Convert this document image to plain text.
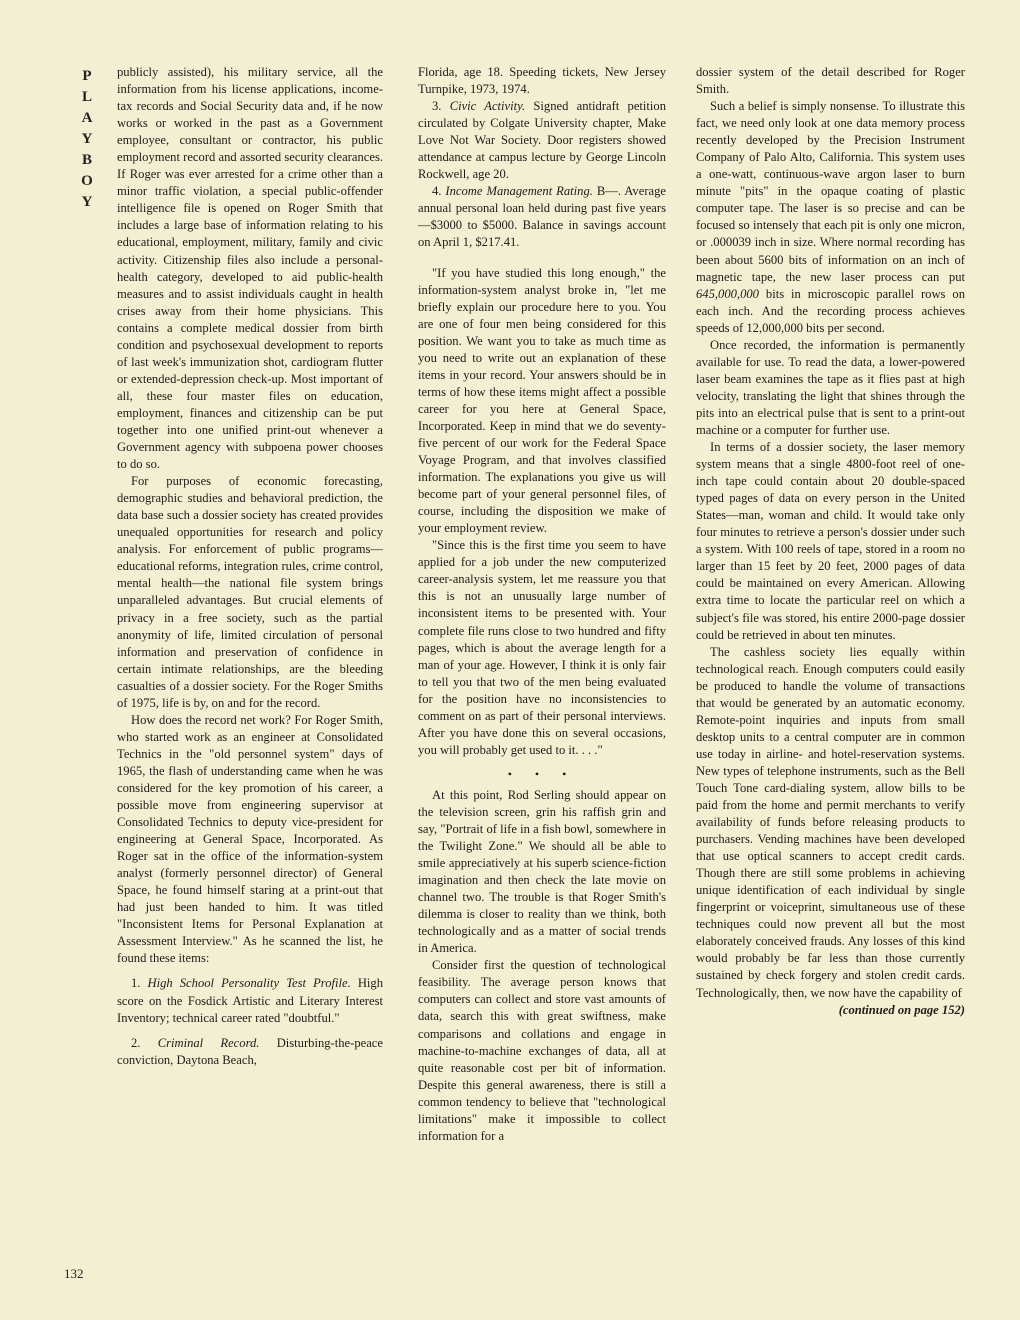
P
L
A
Y
B
O
Y
132

publicly assisted), his military service, all the information from his license applications, income-tax records and Social Security data and, if he now works or worked in the past as a Government employee, consultant or contractor, his public employment record and assorted security clearances. If Roger was ever arrested for a crime other than a minor traffic violation, a special public-offender intelligence file is opened on Roger Smith that includes a large base of information relating to his educational, employment, military, family and civic activity. Citizenship files also include a personal-health category, developed to aid public-health measures and to assist individuals caught in health crises away from their home physicians. This contains a complete medical dossier from birth condition and psychosexual development to reports of last week's immunization shot, cardiogram flutter or extended-depression check-up. Most important of all, these four master files on education, employment, finances and citizenship can be put together into one unified print-out whenever a Government agency with subpoena power chooses to do so.

For purposes of economic forecasting, demographic studies and behavioral prediction, the data base such a dossier society has created provides unequaled opportunities for research and policy analysis. For enforcement of public programs—educational reforms, integration rules, crime control, mental health—the national file system brings unparalleled advantages. But crucial elements of privacy in a free society, such as the partial anonymity of life, limited circulation of personal information and preservation of confidence in certain intimate relationships, are the bleeding casualties of a dossier society. For the Roger Smiths of 1975, life is by, on and for the record.

How does the record net work? For Roger Smith, who started work as an engineer at Consolidated Technics in the "old personnel system" days of 1965, the flash of understanding came when he was considered for the key promotion of his career, a possible move from engineering supervisor at Consolidated Technics to deputy vice-president for engineering at General Space, Incorporated. As Roger sat in the office of the information-system analyst (formerly personnel director) of General Space, he found himself staring at a print-out that had just been handed to him. It was titled "Inconsistent Items for Personal Explanation at Assessment Interview." As he scanned the list, he found these items:

1. High School Personality Test Profile. High score on the Fosdick Artistic and Literary Interest Inventory; technical career rated "doubtful."

2. Criminal Record. Disturbing-the-peace conviction, Daytona Beach,

Florida, age 18. Speeding tickets, New Jersey Turnpike, 1973, 1974.

3. Civic Activity. Signed antidraft petition circulated by Colgate University chapter, Make Love Not War Society. Door registers showed attendance at campus lecture by George Lincoln Rockwell, age 20.

4. Income Management Rating. B—. Average annual personal loan held during past five years—$3000 to $5000. Balance in savings account on April 1, $217.41.

"If you have studied this long enough," the information-system analyst broke in, "let me briefly explain our procedure here to you. You are one of four men being considered for this position. We want you to take as much time as you need to write out an explanation of these items in your record. Your answers should be in terms of how these items might affect a possible career for you here at General Space, Incorporated. Keep in mind that we do seventy-five percent of our work for the Federal Space Voyage Program, and that involves classified information. The explanations you give us will become part of your general personnel files, of course, including the disposition we make of your employment review.

"Since this is the first time you seem to have applied for a job under the new computerized career-analysis system, let me reassure you that this is not an unusually large number of inconsistent items to be presented with. Your complete file runs close to two hundred and fifty pages, which is about the average length for a man of your age. However, I think it is only fair to tell you that two of the men being evaluated for the position have no inconsistencies to comment on as part of their personal interviews. After you have done this on several occasions, you will probably get used to it. . . ."

• • •

At this point, Rod Serling should appear on the television screen, grin his raffish grin and say, "Portrait of life in a fish bowl, somewhere in the Twilight Zone." We should all be able to smile appreciatively at his superb science-fiction imagination and then check the late movie on channel two. The trouble is that Roger Smith's dilemma is closer to reality than we think, both technologically and as a matter of social trends in America.

Consider first the question of technological feasibility. The average person knows that computers can collect and store vast amounts of data, search this with great swiftness, make comparisons and collations and engage in machine-to-machine exchanges of data, all at quite reasonable cost per bit of information. Despite this general awareness, there is still a common tendency to believe that "technological limitations" make it impossible to collect information for a

dossier system of the detail described for Roger Smith.

Such a belief is simply nonsense. To illustrate this fact, we need only look at one data memory process recently developed by the Precision Instrument Company of Palo Alto, California. This system uses a one-watt, continuous-wave argon laser to burn minute "pits" in the opaque coating of plastic computer tape. The laser is so precise and can be focused so intensely that each pit is only one micron, or .000039 inch in size. Where normal recording has been about 5600 bits of information on an inch of magnetic tape, the new laser process can put 645,000,000 bits in microscopic parallel rows on each inch. And the recording process achieves speeds of 12,000,000 bits per second.

Once recorded, the information is permanently available for use. To read the data, a lower-powered laser beam examines the tape as it flies past at high velocity, translating the light that shines through the pits into an electrical pulse that is sent to a print-out machine or a computer for further use.

In terms of a dossier society, the laser memory system means that a single 4800-foot reel of one-inch tape could contain about 20 double-spaced typed pages of data on every person in the United States—man, woman and child. It would take only four minutes to retrieve a person's dossier under such a system. With 100 reels of tape, stored in a room no larger than 15 feet by 20 feet, 2000 pages of data could be maintained on every American. Allowing extra time to locate the particular reel on which a subject's file was stored, his entire 2000-page dossier could be retrieved in about ten minutes.

The cashless society lies equally within technological reach. Enough computers could easily be produced to handle the volume of transactions that would be generated by an automatic economy. Remote-point inquiries and inputs from small desktop units to a central computer are in common use today in airline- and hotel-reservation systems. New types of telephone instruments, such as the Bell Touch Tone card-dialing system, allow bills to be paid from the home and permit merchants to verify availability of funds before releasing products to purchasers. Vending machines have been developed that use optical scanners to accept credit cards. Though there are still some problems in achieving unique identification of each individual by single fingerprint or voiceprint, simultaneous use of these techniques could now prevent all but the most elaborately conceived frauds. Any losses of this kind would probably be far less than those currently sustained by check forgery and stolen credit cards. Technologically, then, we now have the capability of

(continued on page 152)
